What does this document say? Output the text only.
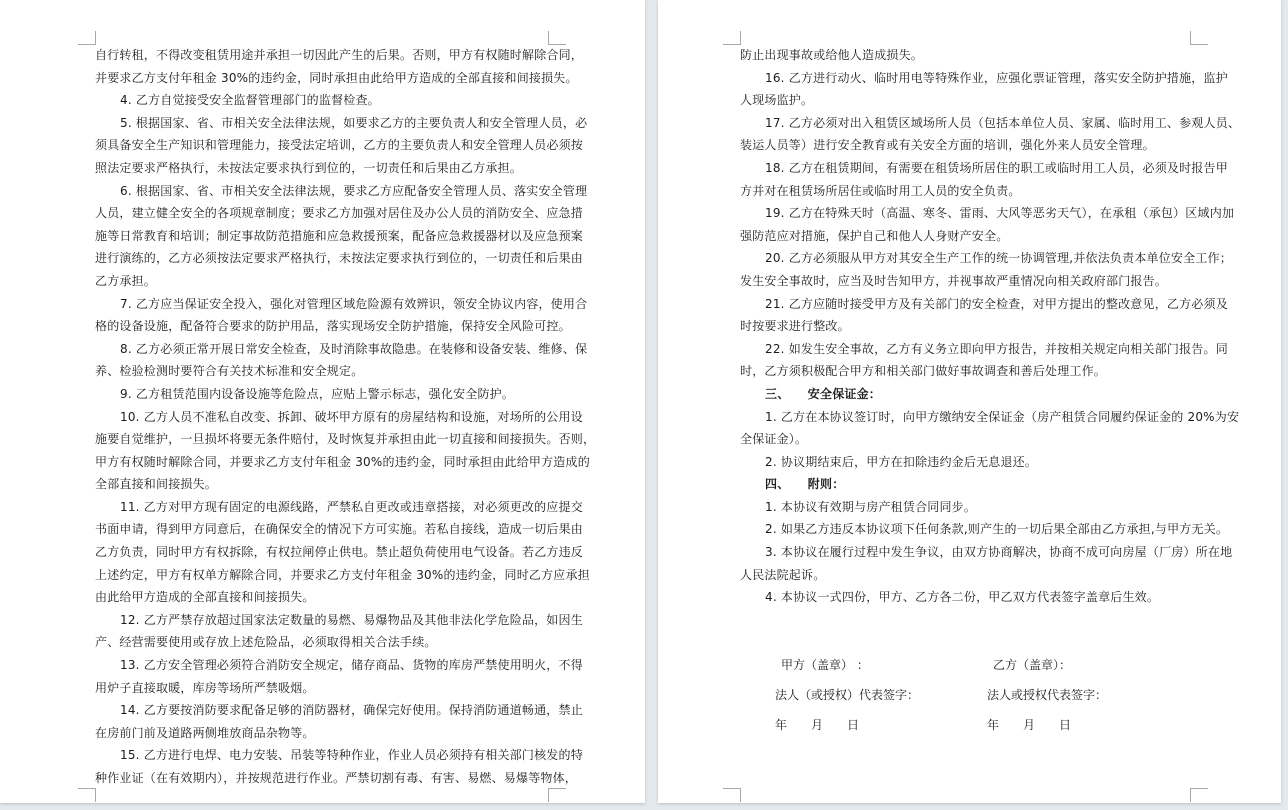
自行转租，不得改变租赁用途并承担一切因此产生的后果。否则，甲方有权随时解除合同，
并要求乙方支付年租金 30%的违约金，同时承担由此给甲方造成的全部直接和间接损失。
4. 乙方自觉接受安全监督管理部门的监督检查。
5. 根据国家、省、市相关安全法律法规，如要求乙方的主要负责人和安全管理人员，必
须具备安全生产知识和管理能力，接受法定培训，乙方的主要负责人和安全管理人员必须按
照法定要求严格执行，未按法定要求执行到位的，一切责任和后果由乙方承担。
6. 根据国家、省、市相关安全法律法规，要求乙方应配备安全管理人员、落实安全管理
人员，建立健全安全的各项规章制度；要求乙方加强对居住及办公人员的消防安全、应急措
施等日常教育和培训；制定事故防范措施和应急救援预案，配备应急救援器材以及应急预案
进行演练的，乙方必须按法定要求严格执行，未按法定要求执行到位的，一切责任和后果由
乙方承担。
7. 乙方应当保证安全投入，强化对管理区域危险源有效辨识，领安全协议内容，使用合
格的设备设施，配备符合要求的防护用品，落实现场安全防护措施，保持安全风险可控。
8. 乙方必须正常开展日常安全检查，及时消除事故隐患。在装修和设备安装、维修、保
养、检验检测时要符合有关技术标准和安全规定。
9. 乙方租赁范围内设备设施等危险点，应贴上警示标志，强化安全防护。
10. 乙方人员不准私自改变、拆卸、破坏甲方原有的房屋结构和设施，对场所的公用设
施要自觉维护，一旦损坏将要无条件赔付，及时恢复并承担由此一切直接和间接损失。否则，
甲方有权随时解除合同，并要求乙方支付年租金 30%的违约金，同时承担由此给甲方造成的
全部直接和间接损失。
11. 乙方对甲方现有固定的电源线路，严禁私自更改或违章搭接，对必须更改的应提交
书面申请，得到甲方同意后，在确保安全的情况下方可实施。若私自接线，造成一切后果由
乙方负责，同时甲方有权拆除，有权拉闸停止供电。禁止超负荷使用电气设备。若乙方违反
上述约定，甲方有权单方解除合同，并要求乙方支付年租金 30%的违约金，同时乙方应承担
由此给甲方造成的全部直接和间接损失。
12. 乙方严禁存放超过国家法定数量的易燃、易爆物品及其他非法化学危险品，如因生
产、经营需要使用或存放上述危险品，必须取得相关合法手续。
13. 乙方安全管理必须符合消防安全规定，储存商品、货物的库房严禁使用明火，不得
用炉子直接取暖，库房等场所严禁吸烟。
14. 乙方要按消防要求配备足够的消防器材，确保完好使用。保持消防通道畅通，禁止
在房前门前及道路两侧堆放商品杂物等。
15. 乙方进行电焊、电力安装、吊装等特种作业，作业人员必须持有相关部门核发的特
种作业证（在有效期内），并按规范进行作业。严禁切割有毒、有害、易燃、易爆等物体，
防止出现事故或给他人造成损失。
16. 乙方进行动火、临时用电等特殊作业，应强化票证管理，落实安全防护措施，监护
人现场监护。
17. 乙方必须对出入租赁区域场所人员（包括本单位人员、家属、临时用工、参观人员、
装运人员等）进行安全教育或有关安全方面的培训，强化外来人员安全管理。
18. 乙方在租赁期间，有需要在租赁场所居住的职工或临时用工人员，必须及时报告甲
方并对在租赁场所居住或临时用工人员的安全负责。
19. 乙方在特殊天时（高温、寒冬、雷雨、大风等恶劣天气），在承租（承包）区域内加
强防范应对措施，保护自己和他人人身财产安全。
20. 乙方必须服从甲方对其安全生产工作的统一协调管理,并依法负责本单位安全工作；
发生安全事故时，应当及时告知甲方，并视事故严重情况向相关政府部门报告。
21. 乙方应随时接受甲方及有关部门的安全检查，对甲方提出的整改意见，乙方必须及
时按要求进行整改。
22. 如发生安全事故，乙方有义务立即向甲方报告，并按相关规定向相关部门报告。同
时，乙方须积极配合甲方和相关部门做好事故调查和善后处理工作。
三、　　安全保证金：
1. 乙方在本协议签订时，向甲方缴纳安全保证金（房产租赁合同履约保证金的 20%为安
全保证金）。
2. 协议期结束后，甲方在扣除违约金后无息退还。
四、　　附则：
1. 本协议有效期与房产租赁合同同步。
2. 如果乙方违反本协议项下任何条款,则产生的一切后果全部由乙方承担,与甲方无关。
3. 本协议在履行过程中发生争议，由双方协商解决，协商不成可向房屋（厂房）所在地
人民法院起诉。
4. 本协议一式四份，甲方、乙方各二份，甲乙双方代表签字盖章后生效。
甲方（盖章） ：	乙方（盖章）：
法人（或授权）代表签字：	法人或授权代表签字：
年　　月　　日	年　　月　　日
